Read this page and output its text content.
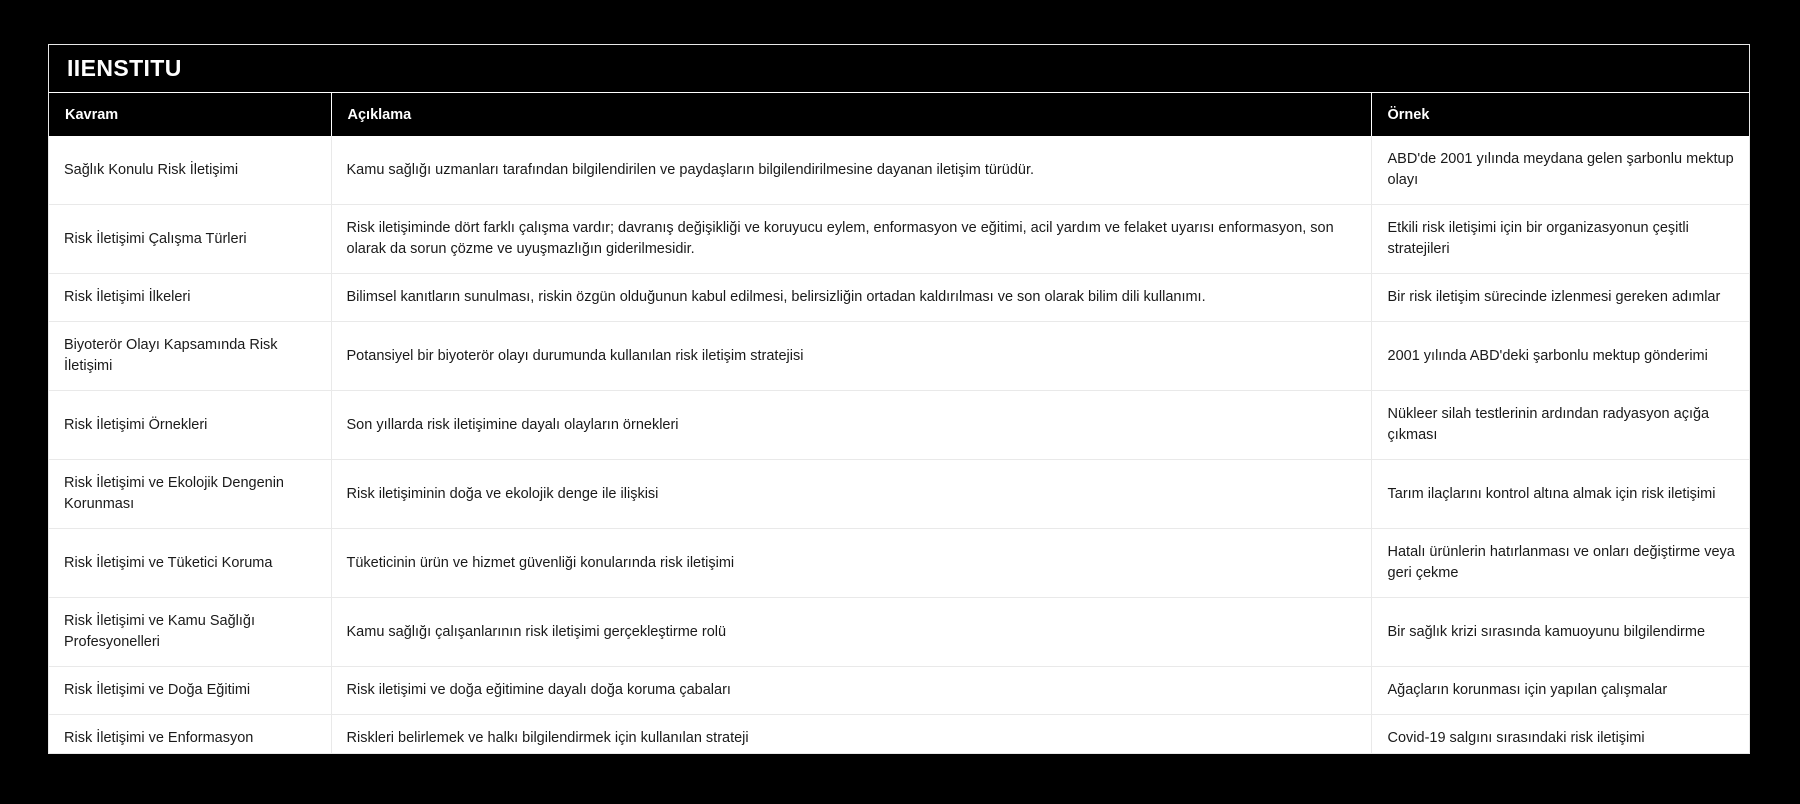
IIENSTITU
Kavram	Açıklama	Örnek
Sağlık Konulu Risk İletişimi	Kamu sağlığı uzmanları tarafından bilgilendirilen ve paydaşların bilgilendirilmesine dayanan iletişim türüdür.	ABD'de 2001 yılında meydana gelen şarbonlu mektup olayı
Risk İletişimi Çalışma Türleri	Risk iletişiminde dört farklı çalışma vardır; davranış değişikliği ve koruyucu eylem, enformasyon ve eğitimi, acil yardım ve felaket uyarısı enformasyon, son olarak da sorun çözme ve uyuşmazlığın giderilmesidir.	Etkili risk iletişimi için bir organizasyonun çeşitli stratejileri
Risk İletişimi İlkeleri	Bilimsel kanıtların sunulması, riskin özgün olduğunun kabul edilmesi, belirsizliğin ortadan kaldırılması ve son olarak bilim dili kullanımı.	Bir risk iletişim sürecinde izlenmesi gereken adımlar
Biyoterör Olayı Kapsamında Risk İletişimi	Potansiyel bir biyoterör olayı durumunda kullanılan risk iletişim stratejisi	2001 yılında ABD'deki şarbonlu mektup gönderimi
Risk İletişimi Örnekleri	Son yıllarda risk iletişimine dayalı olayların örnekleri	Nükleer silah testlerinin ardından radyasyon açığa çıkması
Risk İletişimi ve Ekolojik Dengenin Korunması	Risk iletişiminin doğa ve ekolojik denge ile ilişkisi	Tarım ilaçlarını kontrol altına almak için risk iletişimi
Risk İletişimi ve Tüketici Koruma	Tüketicinin ürün ve hizmet güvenliği konularında risk iletişimi	Hatalı ürünlerin hatırlanması ve onları değiştirme veya geri çekme
Risk İletişimi ve Kamu Sağlığı Profesyonelleri	Kamu sağlığı çalışanlarının risk iletişimi gerçekleştirme rolü	Bir sağlık krizi sırasında kamuoyunu bilgilendirme
Risk İletişimi ve Doğa Eğitimi	Risk iletişimi ve doğa eğitimine dayalı doğa koruma çabaları	Ağaçların korunması için yapılan çalışmalar
Risk İletişimi ve Enformasyon	Riskleri belirlemek ve halkı bilgilendirmek için kullanılan strateji	Covid-19 salgını sırasındaki risk iletişimi
